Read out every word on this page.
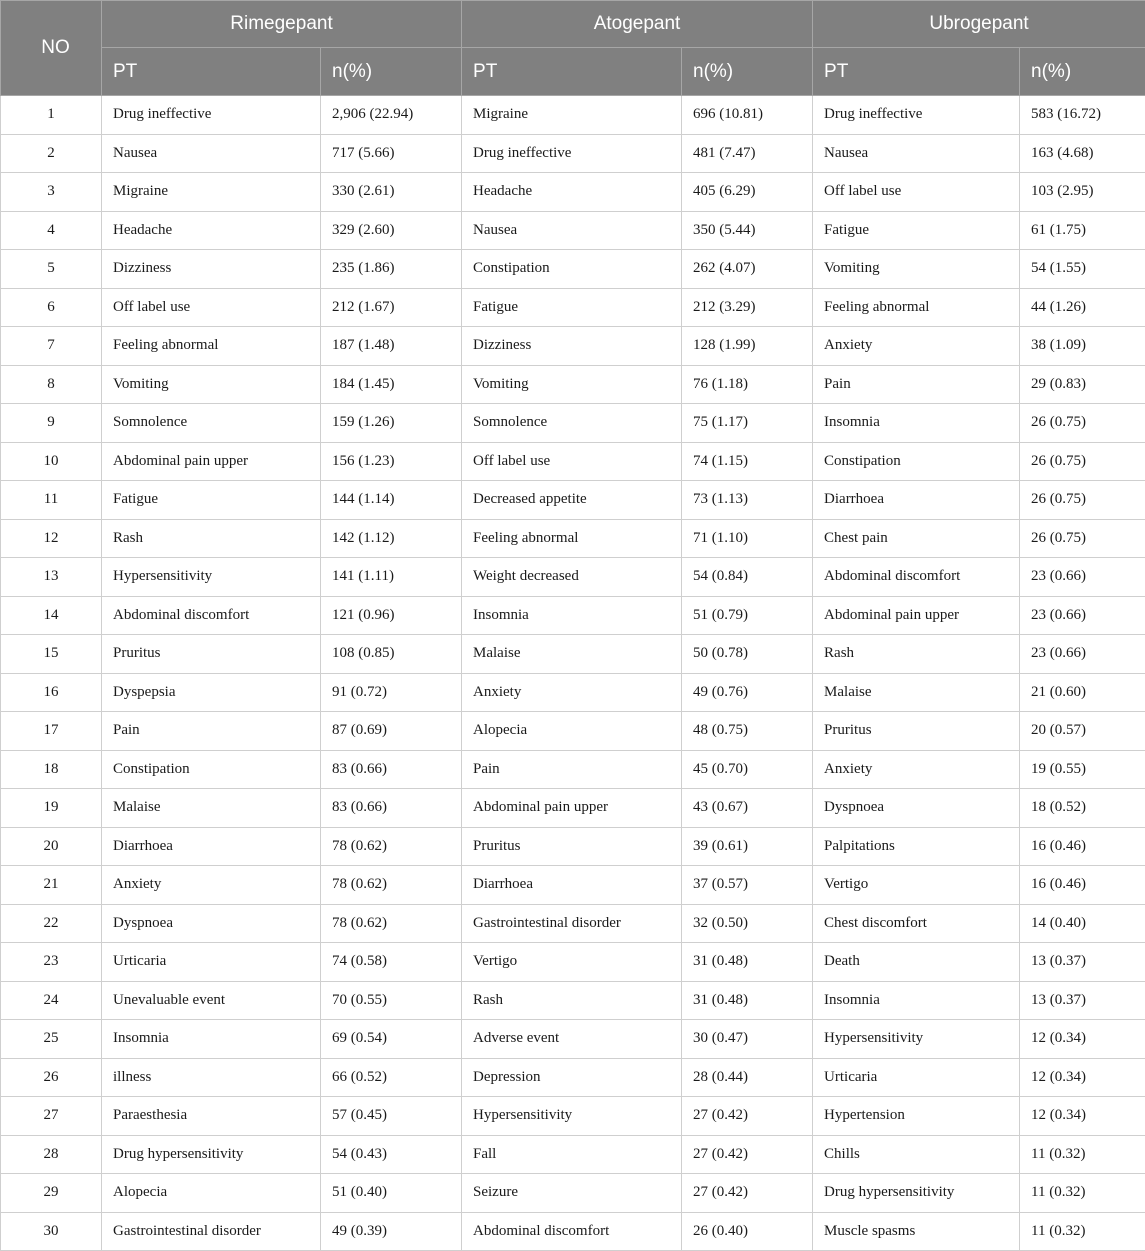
NO	Rimegepant		Atogepant		Ubrogepant	
	PT	n(%)	PT	n(%)	PT	n(%)
1	Drug ineffective	2,906 (22.94)	Migraine	696 (10.81)	Drug ineffective	583 (16.72)
2	Nausea	717 (5.66)	Drug ineffective	481 (7.47)	Nausea	163 (4.68)
3	Migraine	330 (2.61)	Headache	405 (6.29)	Off label use	103 (2.95)
4	Headache	329 (2.60)	Nausea	350 (5.44)	Fatigue	61 (1.75)
5	Dizziness	235 (1.86)	Constipation	262 (4.07)	Vomiting	54 (1.55)
6	Off label use	212 (1.67)	Fatigue	212 (3.29)	Feeling abnormal	44 (1.26)
7	Feeling abnormal	187 (1.48)	Dizziness	128 (1.99)	Anxiety	38 (1.09)
8	Vomiting	184 (1.45)	Vomiting	76 (1.18)	Pain	29 (0.83)
9	Somnolence	159 (1.26)	Somnolence	75 (1.17)	Insomnia	26 (0.75)
10	Abdominal pain upper	156 (1.23)	Off label use	74 (1.15)	Constipation	26 (0.75)
11	Fatigue	144 (1.14)	Decreased appetite	73 (1.13)	Diarrhoea	26 (0.75)
12	Rash	142 (1.12)	Feeling abnormal	71 (1.10)	Chest pain	26 (0.75)
13	Hypersensitivity	141 (1.11)	Weight decreased	54 (0.84)	Abdominal discomfort	23 (0.66)
14	Abdominal discomfort	121 (0.96)	Insomnia	51 (0.79)	Abdominal pain upper	23 (0.66)
15	Pruritus	108 (0.85)	Malaise	50 (0.78)	Rash	23 (0.66)
16	Dyspepsia	91 (0.72)	Anxiety	49 (0.76)	Malaise	21 (0.60)
17	Pain	87 (0.69)	Alopecia	48 (0.75)	Pruritus	20 (0.57)
18	Constipation	83 (0.66)	Pain	45 (0.70)	Anxiety	19 (0.55)
19	Malaise	83 (0.66)	Abdominal pain upper	43 (0.67)	Dyspnoea	18 (0.52)
20	Diarrhoea	78 (0.62)	Pruritus	39 (0.61)	Palpitations	16 (0.46)
21	Anxiety	78 (0.62)	Diarrhoea	37 (0.57)	Vertigo	16 (0.46)
22	Dyspnoea	78 (0.62)	Gastrointestinal disorder	32 (0.50)	Chest discomfort	14 (0.40)
23	Urticaria	74 (0.58)	Vertigo	31 (0.48)	Death	13 (0.37)
24	Unevaluable event	70 (0.55)	Rash	31 (0.48)	Insomnia	13 (0.37)
25	Insomnia	69 (0.54)	Adverse event	30 (0.47)	Hypersensitivity	12 (0.34)
26	illness	66 (0.52)	Depression	28 (0.44)	Urticaria	12 (0.34)
27	Paraesthesia	57 (0.45)	Hypersensitivity	27 (0.42)	Hypertension	12 (0.34)
28	Drug hypersensitivity	54 (0.43)	Fall	27 (0.42)	Chills	11 (0.32)
29	Alopecia	51 (0.40)	Seizure	27 (0.42)	Drug hypersensitivity	11 (0.32)
30	Gastrointestinal disorder	49 (0.39)	Abdominal discomfort	26 (0.40)	Muscle spasms	11 (0.32)
